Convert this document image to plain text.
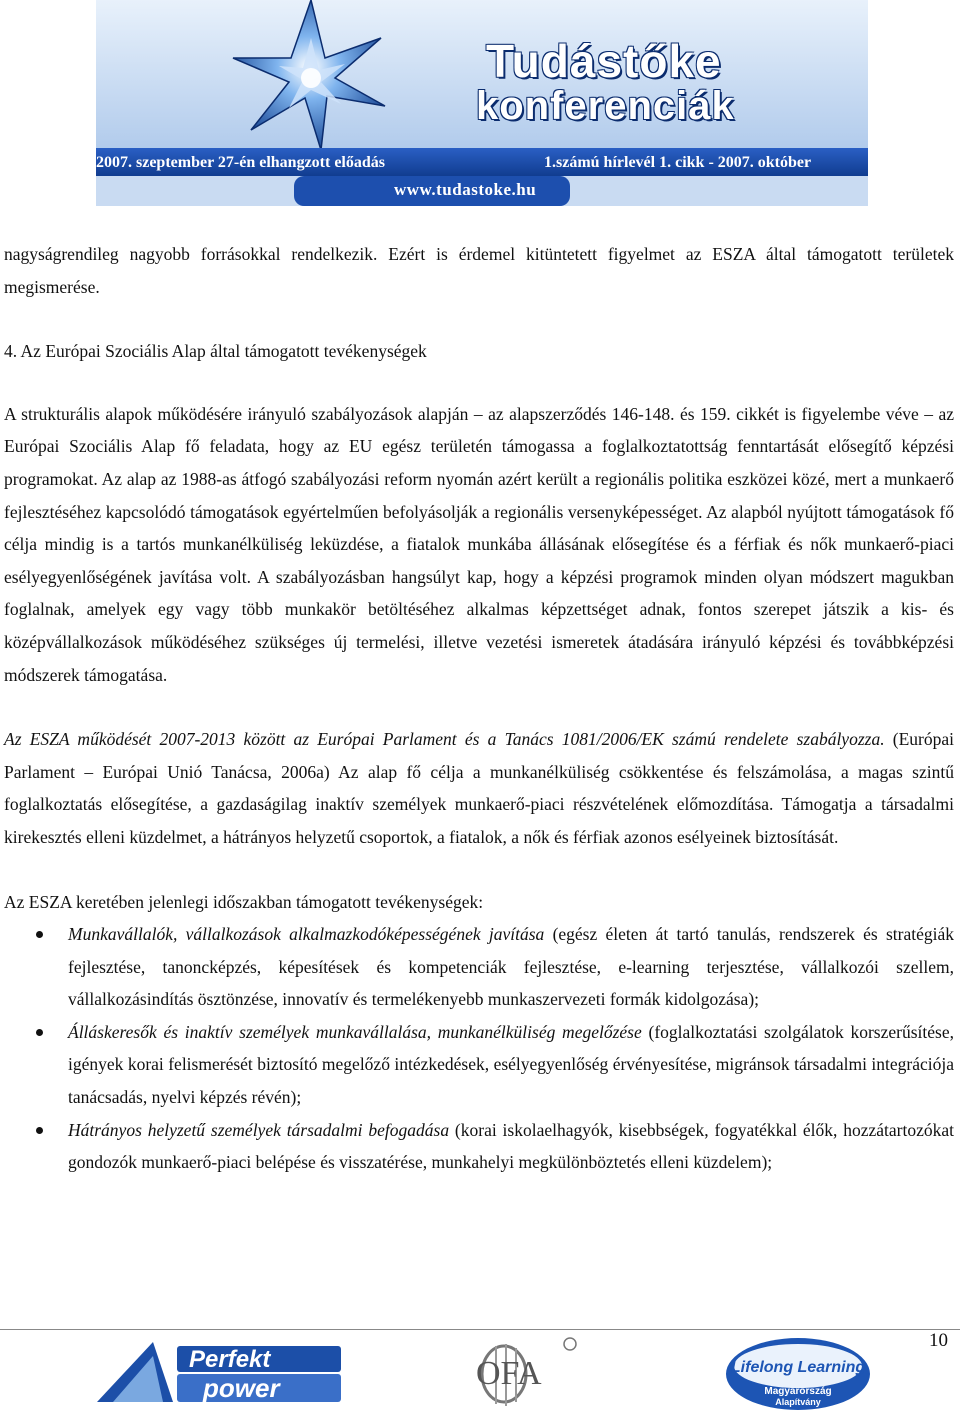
Tudástőke
konferenciák
2007. szeptember 27-én elhangzott előadás	1.számú hírlevél 1. cikk - 2007. október
www.tudastoke.hu

nagyságrendileg nagyobb forrásokkal rendelkezik. Ezért is érdemel kitüntetett figyelmet az ESZA által támogatott területek megismerése.

4. Az Európai Szociális Alap által támogatott tevékenységek

A strukturális alapok működésére irányuló szabályozások alapján – az alapszerződés 146-148. és 159. cikkét is figyelembe véve – az Európai Szociális Alap fő feladata, hogy az EU egész területén támogassa a foglalkoztatottság fenntartását elősegítő képzési programokat. Az alap az 1988-as átfogó szabályozási reform nyomán azért került a regionális politika eszközei közé, mert a munkaerő fejlesztéséhez kapcsolódó támogatások egyértelműen befolyásolják a regionális versenyképességet. Az alapból nyújtott támogatások fő célja mindig is a tartós munkanélküliség leküzdése, a fiatalok munkába állásának elősegítése és a férfiak és nők munkaerő-piaci esélyegyenlőségének javítása volt. A szabályozásban hangsúlyt kap, hogy a képzési programok minden olyan módszert magukban foglalnak, amelyek egy vagy több munkakör betöltéséhez alkalmas képzettséget adnak, fontos szerepet játszik a kis- és középvállalkozások működéséhez szükséges új termelési, illetve vezetési ismeretek átadására irányuló képzési és továbbképzési módszerek támogatása.

Az ESZA működését 2007-2013 között az Európai Parlament és a Tanács 1081/2006/EK számú rendelete szabályozza. (Európai Parlament – Európai Unió Tanácsa, 2006a) Az alap fő célja a munkanélküliség csökkentése és felszámolása, a magas szintű foglalkoztatás elősegítése, a gazdaságilag inaktív személyek munkaerő-piaci részvételének előmozdítása. Támogatja a társadalmi kirekesztés elleni küzdelmet, a hátrányos helyzetű csoportok, a fiatalok, a nők és férfiak azonos esélyeinek biztosítását.

Az ESZA keretében jelenlegi időszakban támogatott tevékenységek:

Munkavállalók, vállalkozások alkalmazkodóképességének javítása (egész életen át tartó tanulás, rendszerek és stratégiák fejlesztése, tanoncképzés, képesítések és kompetenciák fejlesztése, e-learning terjesztése, vállalkozói szellem, vállalkozásindítás ösztönzése, innovatív és termelékenyebb munkaszervezeti formák kidolgozása);
Álláskeresők és inaktív személyek munkavállalása, munkanélküliség megelőzése (foglalkoztatási szolgálatok korszerűsítése, igények korai felismerését biztosító megelőző intézkedések, esélyegyenlőség érvényesítése, migránsok társadalmi integrációja tanácsadás, nyelvi képzés révén);
Hátrányos helyzetű személyek társadalmi befogadása (korai iskolaelhagyók, kisebbségek, fogyatékkal élők, hozzátartozókat gondozók munkaerő-piaci belépése és visszatérése, munkahelyi megkülönböztetés elleni küzdelem);
10
Perfekt
power	OFA	Lifelong Learning
Magyarország
Alapítvány
